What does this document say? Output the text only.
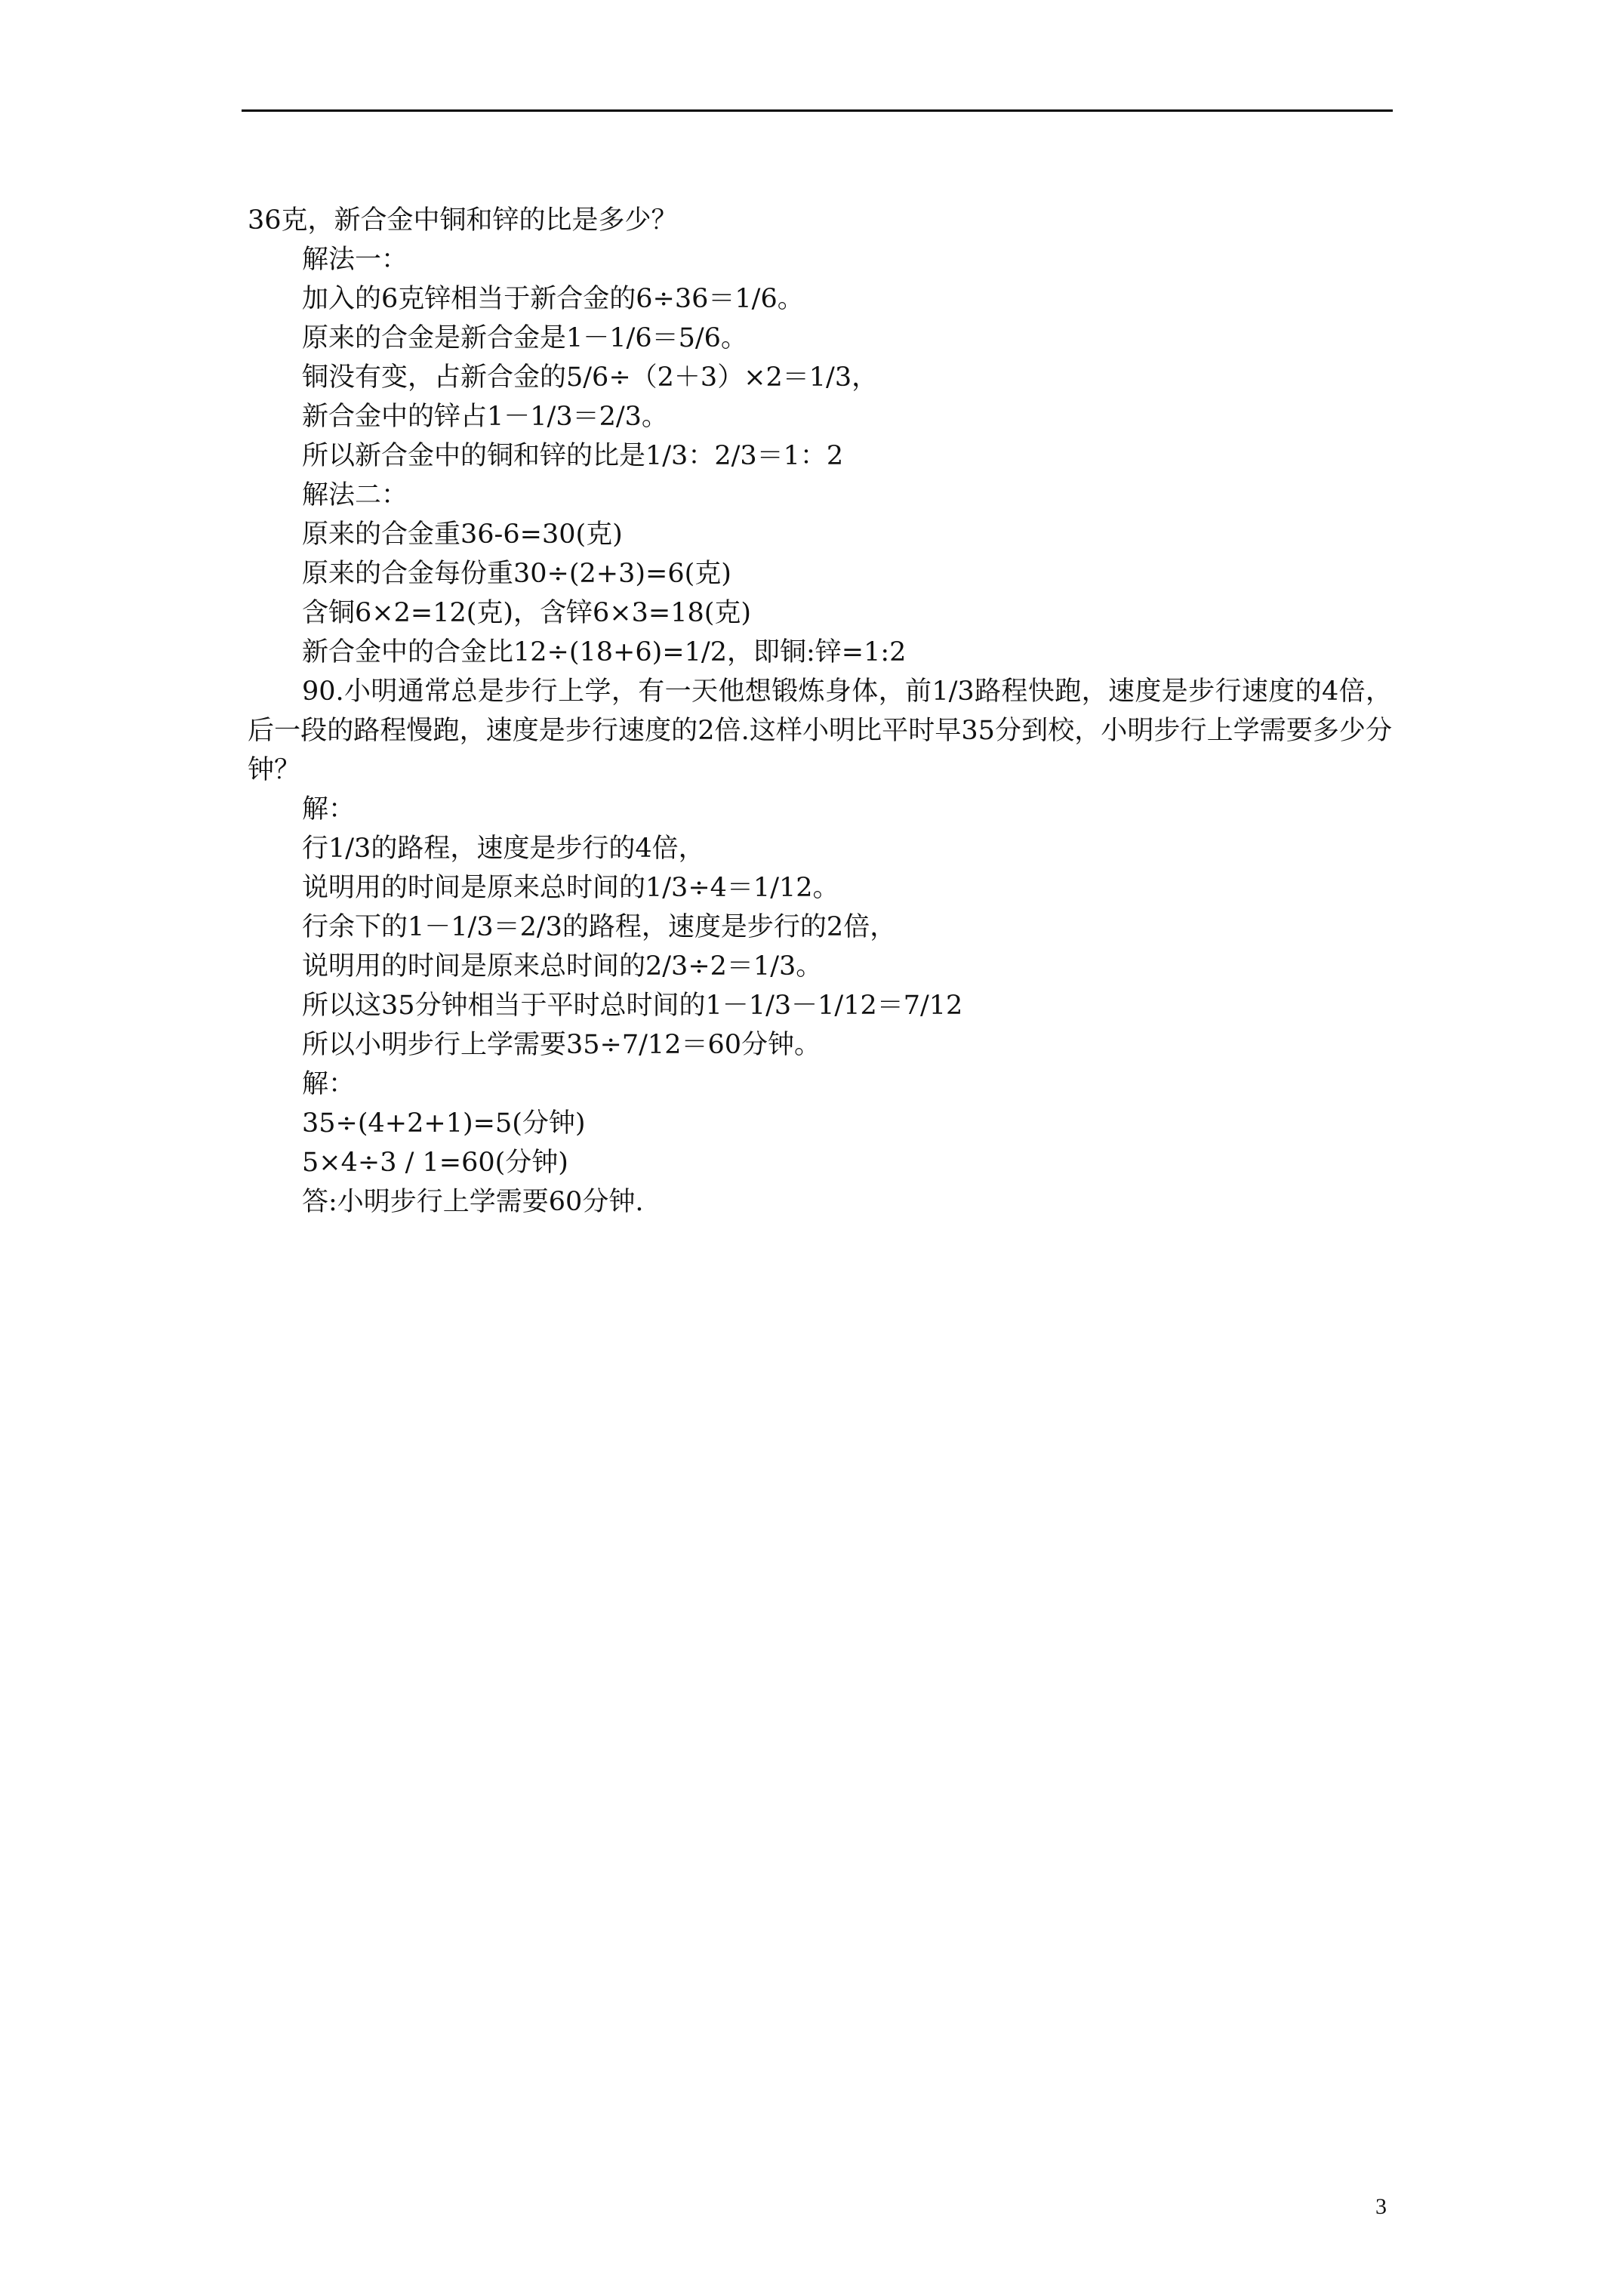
36克，新合金中铜和锌的比是多少？

解法一：

加入的6克锌相当于新合金的6÷36＝1/6。

原来的合金是新合金是1－1/6＝5/6。

铜没有变，占新合金的5/6÷（2＋3）×2＝1/3，

新合金中的锌占1－1/3＝2/3。

所以新合金中的铜和锌的比是1/3：2/3＝1：2

解法二：

原来的合金重36-6=30(克)

原来的合金每份重30÷(2+3)=6(克)

含铜6×2=12(克)，含锌6×3=18(克)

新合金中的合金比12÷(18+6)=1/2，即铜:锌=1:2

90.小明通常总是步行上学，有一天他想锻炼身体，前1/3路程快跑，速度是步行速度的4倍，后一段的路程慢跑，速度是步行速度的2倍.这样小明比平时早35分到校，小明步行上学需要多少分钟？

解：

行1/3的路程，速度是步行的4倍，

说明用的时间是原来总时间的1/3÷4＝1/12。

行余下的1－1/3＝2/3的路程，速度是步行的2倍，

说明用的时间是原来总时间的2/3÷2＝1/3。

所以这35分钟相当于平时总时间的1－1/3－1/12＝7/12

所以小明步行上学需要35÷7/12＝60分钟。

解：

35÷(4+2+1)=5(分钟)

5×4÷3 / 1=60(分钟)

答:小明步行上学需要60分钟.

3
